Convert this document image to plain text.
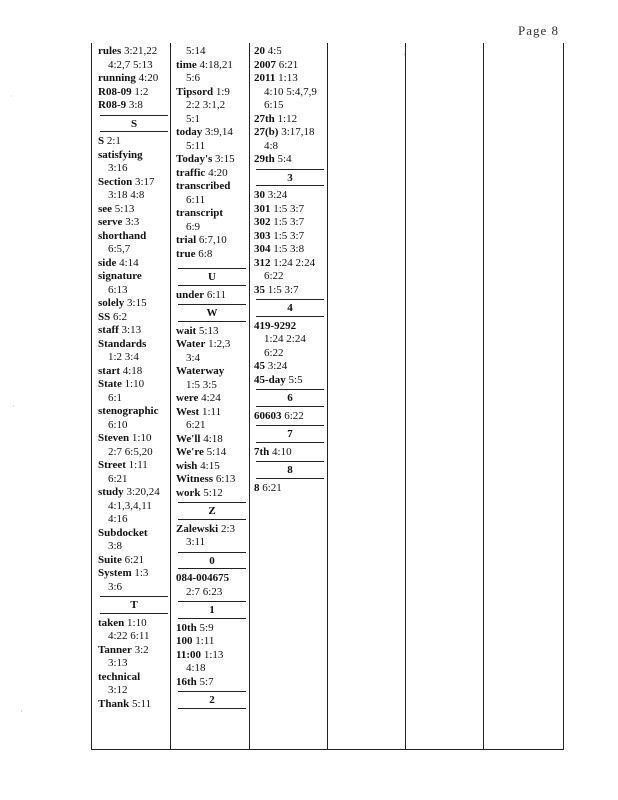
Page 8
rules 3:21,22
4:2,7 5:13
running 4:20
R08-09 1:2
R08-9 3:8
S
S 2:1
satisfying
3:16
Section 3:17
3:18 4:8
see 5:13
serve 3:3
shorthand
6:5,7
side 4:14
signature
6:13
solely 3:15
SS 6:2
staff 3:13
Standards
1:2 3:4
start 4:18
State 1:10
6:1
stenographic
6:10
Steven 1:10
2:7 6:5,20
Street 1:11
6:21
study 3:20,24
4:1,3,4,11
4:16
Subdocket
3:8
Suite 6:21
System 1:3
3:6
T
taken 1:10
4:22 6:11
Tanner 3:2
3:13
technical
3:12
Thank 5:11
5:14
time 4:18,21
5:6
Tipsord 1:9
2:2 3:1,2
5:1
today 3:9,14
5:11
Today's 3:15
traffic 4:20
transcribed
6:11
transcript
6:9
trial 6:7,10
true 6:8
U
under 6:11
W
wait 5:13
Water 1:2,3
3:4
Waterway
1:5 3:5
were 4:24
West 1:11
6:21
We'll 4:18
We're 5:14
wish 4:15
Witness 6:13
work 5:12
Z
Zalewski 2:3
3:11
0
084-004675
2:7 6:23
1
10th 5:9
100 1:11
11:00 1:13
4:18
16th 5:7
2
20 4:5
2007 6:21
2011 1:13
4:10 5:4,7,9
6:15
27th 1:12
27(b) 3:17,18
4:8
29th 5:4
3
30 3:24
301 1:5 3:7
302 1:5 3:7
303 1:5 3:7
304 1:5 3:8
312 1:24 2:24
6:22
35 1:5 3:7
4
419-9292
1:24 2:24
6:22
45 3:24
45-day 5:5
6
60603 6:22
7
7th 4:10
8
8 6:21
·
·
·
'
